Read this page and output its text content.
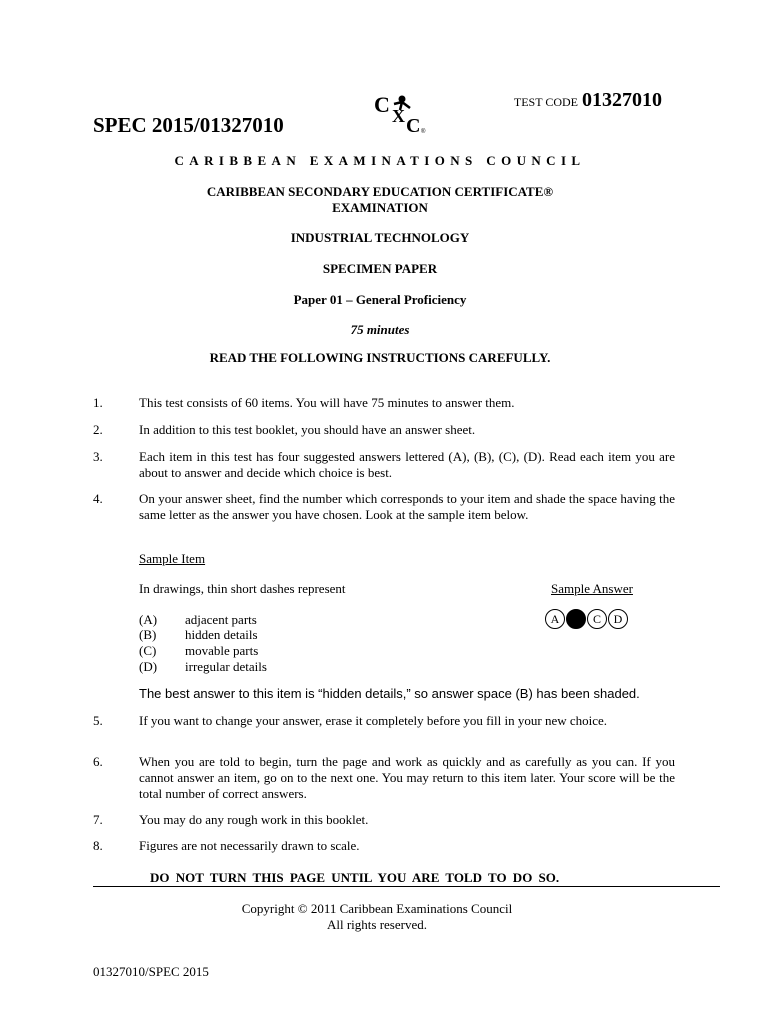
SPEC 2015/01327010
C X C ®
TEST CODE 01327010
CARIBBEAN EXAMINATIONS COUNCIL
CARIBBEAN SECONDARY EDUCATION CERTIFICATE®
EXAMINATION
INDUSTRIAL TECHNOLOGY
SPECIMEN PAPER
Paper 01 – General Proficiency
75 minutes
READ THE FOLLOWING INSTRUCTIONS CAREFULLY.
1.	This test consists of 60 items. You will have 75 minutes to answer them.
2.	In addition to this test booklet, you should have an answer sheet.
3.	Each item in this test has four suggested answers lettered (A), (B), (C), (D). Read each item you are about to answer and decide which choice is best.
4.	On your answer sheet, find the number which corresponds to your item and shade the space having the same letter as the answer you have chosen. Look at the sample item below.
Sample Item
In drawings, thin short dashes represent	Sample Answer
A	C	D
(A) adjacent parts
(B) hidden details
(C) movable parts
(D) irregular details
The best answer to this item is “hidden details,” so answer space (B) has been shaded.
5.	If you want to change your answer, erase it completely before you fill in your new choice.
6.	When you are told to begin, turn the page and work as quickly and as carefully as you can. If you cannot answer an item, go on to the next one. You may return to this item later. Your score will be the total number of correct answers.
7.	You may do any rough work in this booklet.
8.	Figures are not necessarily drawn to scale.
DO NOT TURN THIS PAGE UNTIL YOU ARE TOLD TO DO SO.
Copyright © 2011 Caribbean Examinations Council
All rights reserved.
01327010/SPEC 2015
